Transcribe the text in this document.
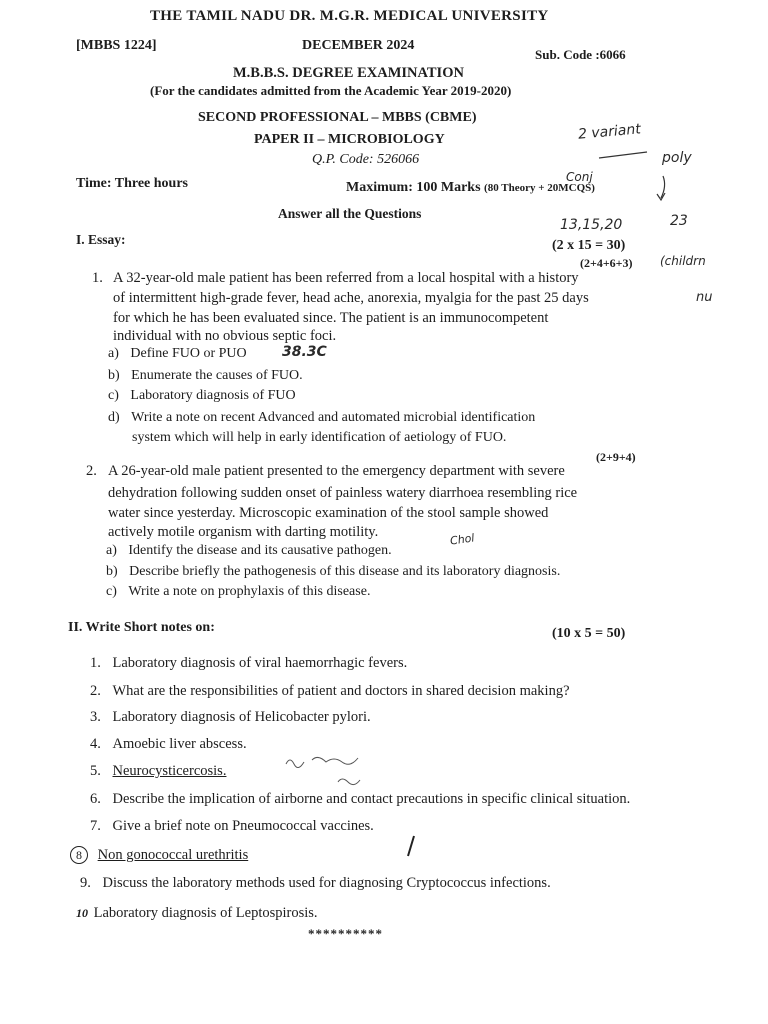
THE TAMIL NADU DR. M.G.R. MEDICAL UNIVERSITY
[MBBS 1224]	DECEMBER 2024
Sub. Code :6066
M.B.B.S. DEGREE EXAMINATION
(For the candidates admitted from the Academic Year 2019-2020)
SECOND PROFESSIONAL – MBBS (CBME)
PAPER II – MICROBIOLOGY
Q.P. Code: 526066
Time: Three hours	Maximum: 100 Marks (80 Theory + 20MCQS)
Answer all the Questions
2 variant
poly
Conj
13,15,20	23
I. Essay:	(2 x 15 = 30)
(2+4+6+3) (childrn
1. A 32-year-old male patient has been referred from a local hospital with a history
of intermittent high-grade fever, head ache, anorexia, myalgia for the past 25 days	nu
for which he has been evaluated since. The patient is an immunocompetent
individual with no obvious septic foci.
a) Define FUO or PUO	38.3C
b) Enumerate the causes of FUO.
c) Laboratory diagnosis of FUO
d) Write a note on recent Advanced and automated microbial identification
system which will help in early identification of aetiology of FUO.
(2+9+4)
2. A 26-year-old male patient presented to the emergency department with severe
dehydration following sudden onset of painless watery diarrhoea resembling rice
water since yesterday. Microscopic examination of the stool sample showed
actively motile organism with darting motility.	Chol
a) Identify the disease and its causative pathogen.
b) Describe briefly the pathogenesis of this disease and its laboratory diagnosis.
c) Write a note on prophylaxis of this disease.
II. Write Short notes on:	(10 x 5 = 50)
1. Laboratory diagnosis of viral haemorrhagic fevers.
2. What are the responsibilities of patient and doctors in shared decision making?
3. Laboratory diagnosis of Helicobacter pylori.
4. Amoebic liver abscess.
5. Neurocysticercosis.
6. Describe the implication of airborne and contact precautions in specific clinical situation.
7. Give a brief note on Pneumococcal vaccines.
8 Non gonococcal urethritis
9. Discuss the laboratory methods used for diagnosing Cryptococcus infections.
10 Laboratory diagnosis of Leptospirosis.
**********
